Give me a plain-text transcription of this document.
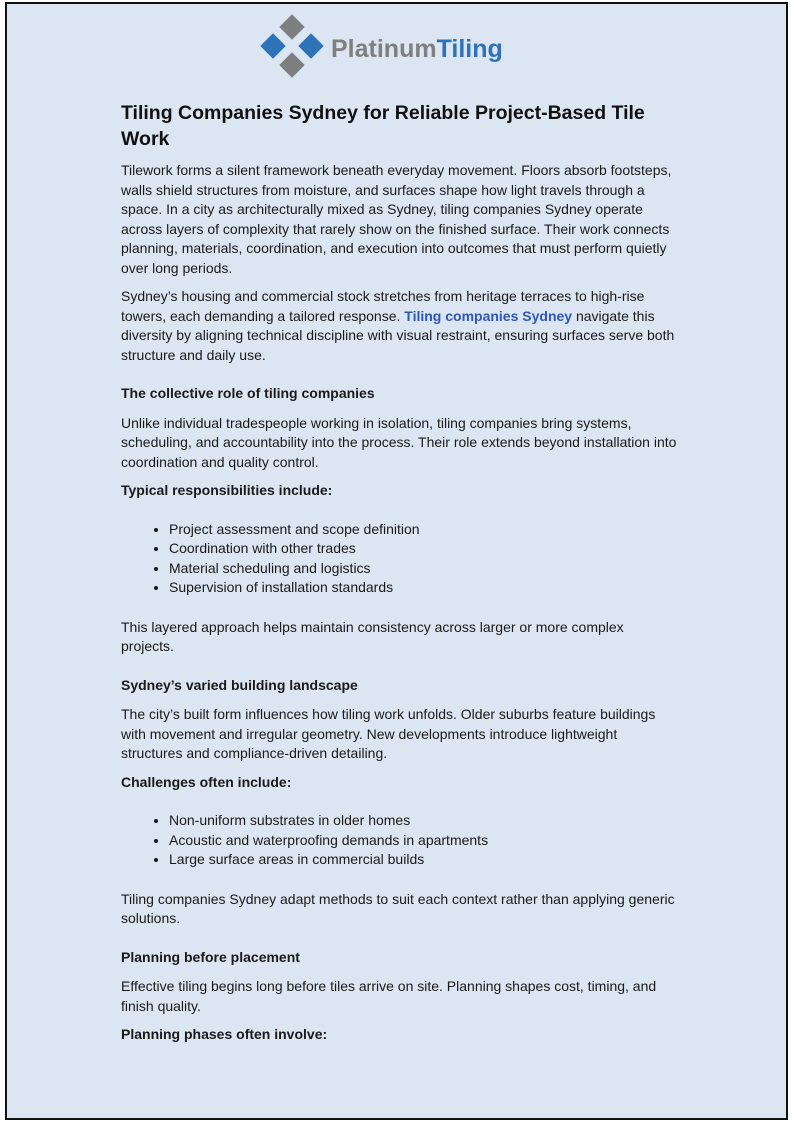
PlatinumTiling
Tiling Companies Sydney for Reliable Project-Based Tile Work

Tilework forms a silent framework beneath everyday movement. Floors absorb footsteps, walls shield structures from moisture, and surfaces shape how light travels through a space. In a city as architecturally mixed as Sydney, tiling companies Sydney operate across layers of complexity that rarely show on the finished surface. Their work connects planning, materials, coordination, and execution into outcomes that must perform quietly over long periods.

Sydney’s housing and commercial stock stretches from heritage terraces to high-rise towers, each demanding a tailored response. Tiling companies Sydney navigate this diversity by aligning technical discipline with visual restraint, ensuring surfaces serve both structure and daily use.

The collective role of tiling companies

Unlike individual tradespeople working in isolation, tiling companies bring systems, scheduling, and accountability into the process. Their role extends beyond installation into coordination and quality control.

Typical responsibilities include:

• Project assessment and scope definition
• Coordination with other trades
• Material scheduling and logistics
• Supervision of installation standards

This layered approach helps maintain consistency across larger or more complex projects.

Sydney’s varied building landscape

The city’s built form influences how tiling work unfolds. Older suburbs feature buildings with movement and irregular geometry. New developments introduce lightweight structures and compliance-driven detailing.

Challenges often include:

• Non-uniform substrates in older homes
• Acoustic and waterproofing demands in apartments
• Large surface areas in commercial builds

Tiling companies Sydney adapt methods to suit each context rather than applying generic solutions.

Planning before placement

Effective tiling begins long before tiles arrive on site. Planning shapes cost, timing, and finish quality.

Planning phases often involve:
